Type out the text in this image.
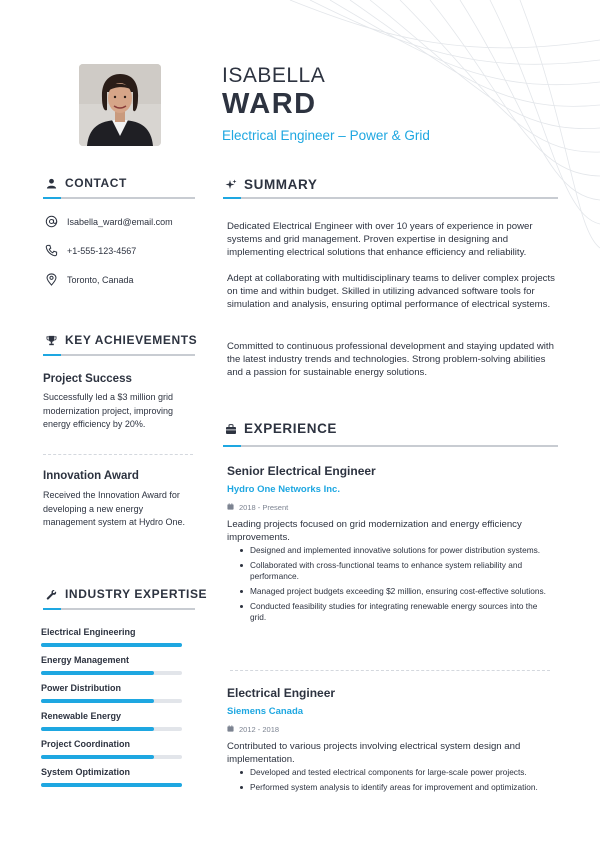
ISABELLA
WARD
Electrical Engineer – Power & Grid
CONTACT
Isabella_ward@email.com
+1-555-123-4567
Toronto, Canada
KEY ACHIEVEMENTS
Project Success
Successfully led a $3 million grid modernization project, improving energy efficiency by 20%.
Innovation Award
Received the Innovation Award for developing a new energy management system at Hydro One.
INDUSTRY EXPERTISE
Electrical Engineering
Energy Management
Power Distribution
Renewable Energy
Project Coordination
System Optimization
SUMMARY
Dedicated Electrical Engineer with over 10 years of experience in power systems and grid management. Proven expertise in designing and implementing electrical solutions that enhance efficiency and reliability.
Adept at collaborating with multidisciplinary teams to deliver complex projects on time and within budget. Skilled in utilizing advanced software tools for simulation and analysis, ensuring optimal performance of electrical systems.
Committed to continuous professional development and staying updated with the latest industry trends and technologies. Strong problem-solving abilities and a passion for sustainable energy solutions.
EXPERIENCE
Senior Electrical Engineer
Hydro One Networks Inc.
2018 - Present
Leading projects focused on grid modernization and energy efficiency improvements.
Designed and implemented innovative solutions for power distribution systems.
Collaborated with cross-functional teams to enhance system reliability and performance.
Managed project budgets exceeding $2 million, ensuring cost-effective solutions.
Conducted feasibility studies for integrating renewable energy sources into the grid.
Electrical Engineer
Siemens Canada
2012 - 2018
Contributed to various projects involving electrical system design and implementation.
Developed and tested electrical components for large-scale power projects.
Performed system analysis to identify areas for improvement and optimization.
